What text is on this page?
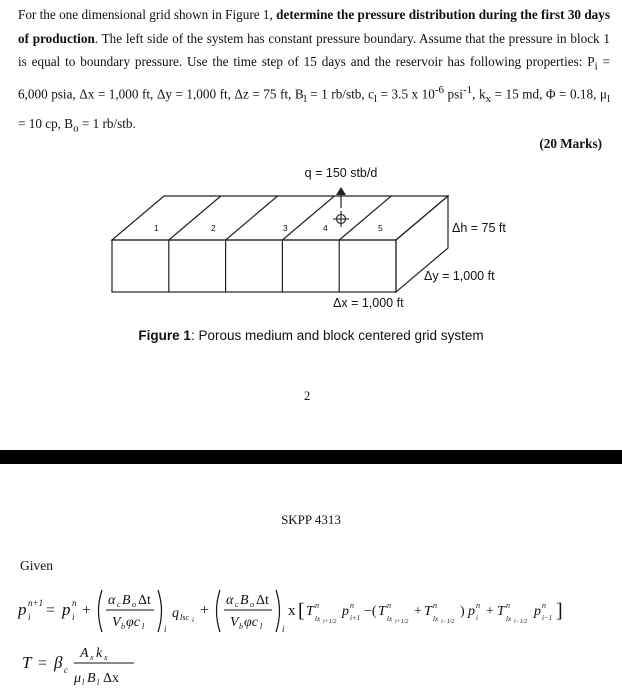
For the one dimensional grid shown in Figure 1, determine the pressure distribution during the first 30 days of production. The left side of the system has constant pressure boundary. Assume that the pressure in block 1 is equal to boundary pressure. Use the time step of 15 days and the reservoir has following properties: $P_i = 6,000$ psia, Δx = 1,000 ft, Δy = 1,000 ft, Δz = 75 ft, $B_l = 1$ rb/stb, $c_l = 3.5$ x $10^{-6}$ psi$^{-1}$, $k_x = 15$ md, Φ = 0.18, $\mu_l = 10$ cp, $B_o = 1$ rb/stb.
(20 Marks)
q = 150 stb/d
1	2	3	4	5	Δh = 75 ft
Δy = 1,000 ft
Δx = 1,000 ft
Figure 1: Porous medium and block centered grid system
2
SKPP 4313
Given
p i
n+1 = p i
n +
α c B o Δt
V b φc l i
q lsc i
+
α c B o Δt
V b φc l i
x [ T lx i+1/2
n p i+1
n −( T lx i+1/2
n + T lx i−1/2
n ) p i
n + T lx i−1/2
n p i−1
n ]
T = β c
A x k x
μ l B l Δx
